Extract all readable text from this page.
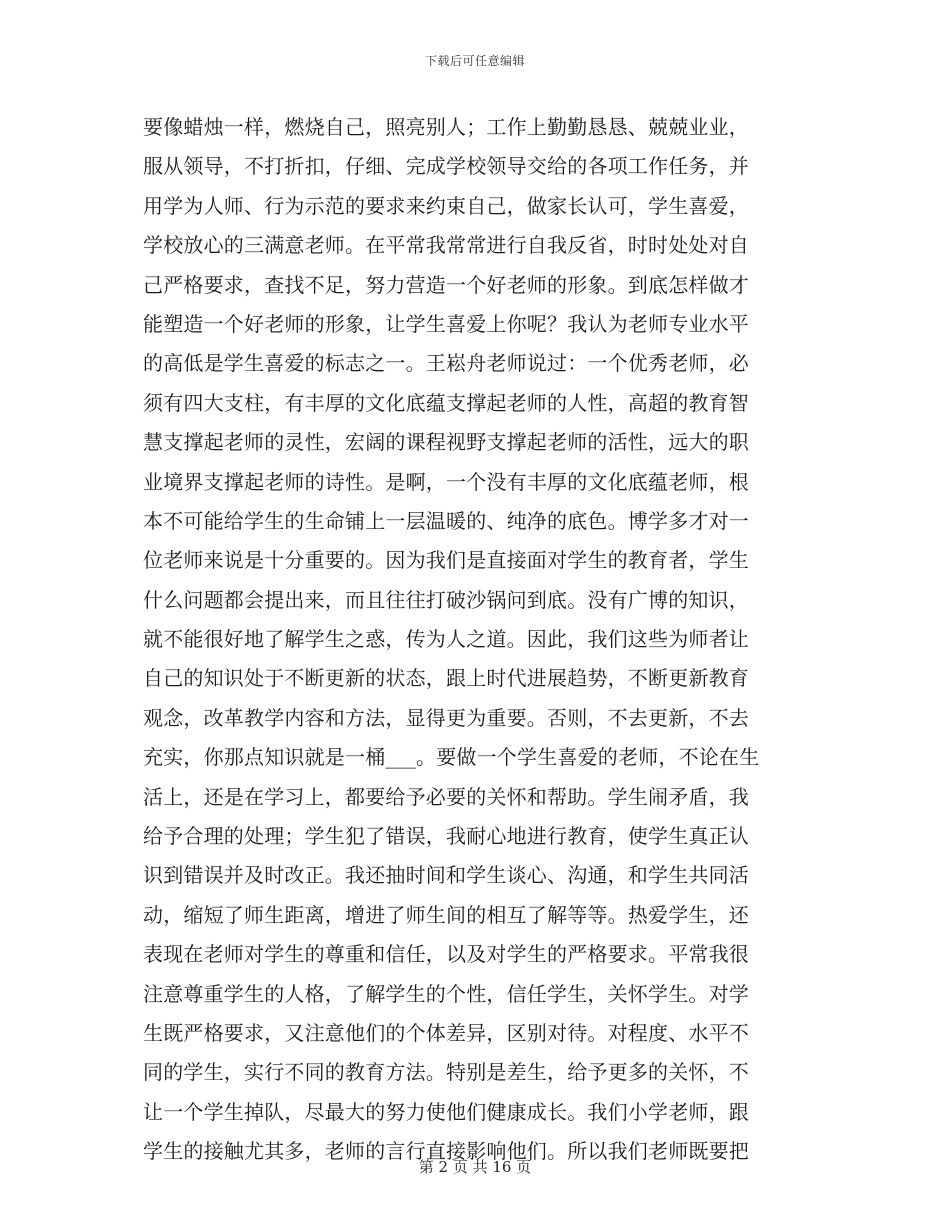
下载后可任意编辑
要像蜡烛一样，燃烧自己，照亮别人；工作上勤勤恳恳、兢兢业业，
服从领导，不打折扣，仔细、完成学校领导交给的各项工作任务，并
用学为人师、行为示范的要求来约束自己，做家长认可，学生喜爱，
学校放心的三满意老师。在平常我常常进行自我反省，时时处处对自
己严格要求，查找不足，努力营造一个好老师的形象。到底怎样做才
能塑造一个好老师的形象，让学生喜爱上你呢？我认为老师专业水平
的高低是学生喜爱的标志之一。王崧舟老师说过：一个优秀老师，必
须有四大支柱，有丰厚的文化底蕴支撑起老师的人性，高超的教育智
慧支撑起老师的灵性，宏阔的课程视野支撑起老师的活性，远大的职
业境界支撑起老师的诗性。是啊，一个没有丰厚的文化底蕴老师，根
本不可能给学生的生命铺上一层温暖的、纯净的底色。博学多才对一
位老师来说是十分重要的。因为我们是直接面对学生的教育者，学生
什么问题都会提出来，而且往往打破沙锅问到底。没有广博的知识，
就不能很好地了解学生之惑，传为人之道。因此，我们这些为师者让
自己的知识处于不断更新的状态，跟上时代进展趋势，不断更新教育
观念，改革教学内容和方法，显得更为重要。否则，不去更新，不去
充实，你那点知识就是一桶___。要做一个学生喜爱的老师，不论在生
活上，还是在学习上，都要给予必要的关怀和帮助。学生闹矛盾，我
给予合理的处理；学生犯了错误，我耐心地进行教育，使学生真正认
识到错误并及时改正。我还抽时间和学生谈心、沟通，和学生共同活
动，缩短了师生距离，增进了师生间的相互了解等等。热爱学生，还
表现在老师对学生的尊重和信任，以及对学生的严格要求。平常我很
注意尊重学生的人格，了解学生的个性，信任学生，关怀学生。对学
生既严格要求，又注意他们的个体差异，区别对待。对程度、水平不
同的学生，实行不同的教育方法。特别是差生，给予更多的关怀，不
让一个学生掉队，尽最大的努力使他们健康成长。我们小学老师，跟
学生的接触尤其多，老师的言行直接影响他们。所以我们老师既要把
第 2 页 共 16 页
